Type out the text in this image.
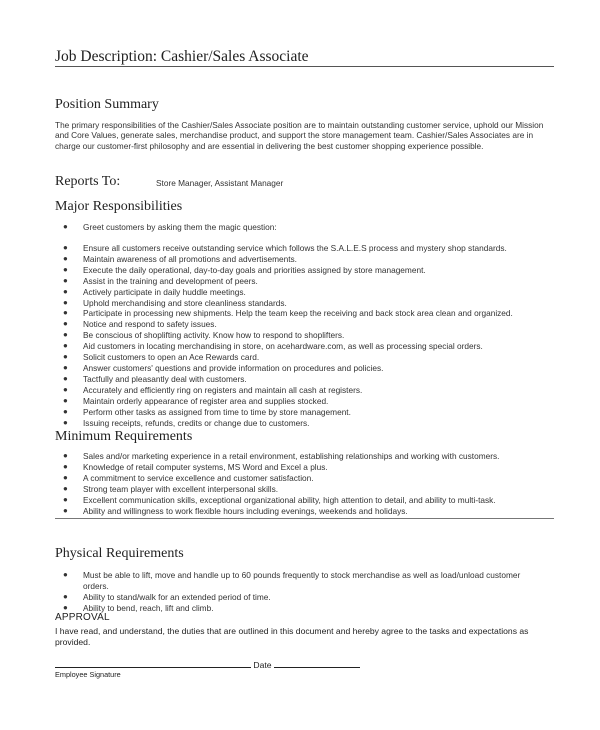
Job Description: Cashier/Sales Associate
Position Summary
The primary responsibilities of the Cashier/Sales Associate position are to maintain outstanding customer service, uphold our Mission and Core Values, generate sales, merchandise product, and support the store management team. Cashier/Sales Associates are in charge our customer-first philosophy and are essential in delivering the best customer shopping experience possible.
Reports To:	Store Manager, Assistant Manager
Major Responsibilities
● Greet customers by asking them the magic question:
● Ensure all customers receive outstanding service which follows the S.A.L.E.S process and mystery shop standards.
● Maintain awareness of all promotions and advertisements.
● Execute the daily operational, day-to-day goals and priorities assigned by store management.
● Assist in the training and development of peers.
● Actively participate in daily huddle meetings.
● Uphold merchandising and store cleanliness standards.
● Participate in processing new shipments. Help the team keep the receiving and back stock area clean and organized.
● Notice and respond to safety issues.
● Be conscious of shoplifting activity. Know how to respond to shoplifters.
● Aid customers in locating merchandising in store, on acehardware.com, as well as processing special orders.
● Solicit customers to open an Ace Rewards card.
● Answer customers' questions and provide information on procedures and policies.
● Tactfully and pleasantly deal with customers.
● Accurately and efficiently ring on registers and maintain all cash at registers.
● Maintain orderly appearance of register area and supplies stocked.
● Perform other tasks as assigned from time to time by store management.
● Issuing receipts, refunds, credits or change due to customers.
Minimum Requirements
● Sales and/or marketing experience in a retail environment, establishing relationships and working with customers.
● Knowledge of retail computer systems, MS Word and Excel a plus.
● A commitment to service excellence and customer satisfaction.
● Strong team player with excellent interpersonal skills.
● Excellent communication skills, exceptional organizational ability, high attention to detail, and ability to multi-task.
● Ability and willingness to work flexible hours including evenings, weekends and holidays.
Physical Requirements
● Must be able to lift, move and handle up to 60 pounds frequently to stock merchandise as well as load/unload customer orders.
● Ability to stand/walk for an extended period of time.
● Ability to bend, reach, lift and climb.
APPROVAL
I have read, and understand, the duties that are outlined in this document and hereby agree to the tasks and expectations as provided.
Date
Employee Signature
